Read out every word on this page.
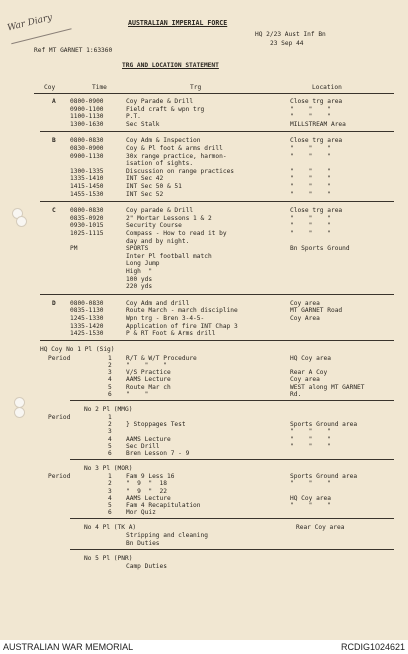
War Diary	AUSTRALIAN IMPERIAL FORCE
HQ 2/23 Aust Inf Bn
23 Sep 44
Ref MT GARNET 1:63360
TRG AND LOCATION STATEMENT
Coy	Time	Trg	Location
A 0800-0900	Coy Parade & Drill	Close trg area
0900-1100	Field craft & wpn trg	"    "    "
1100-1130	P.T.	"    "    "
1300-1630	Sec Stalk	MILLSTREAM Area
B 0800-0830	Coy Adm & Inspection	Close trg area
0830-0900	Coy & Pl foot & arms drill	"    "    "
0900-1130	30x range practice, harmon-	"    "    "
isation of sights.
1300-1335	Discussion on range practices	"    "    "
1335-1410	INT Sec 42	"    "    "
1415-1450	INT Sec 50 & 51	"    "    "
1455-1530	INT Sec 52	"    "    "
C 0800-0830	Coy parade & Drill	Close trg area
0835-0920	2" Mortar Lessons 1 & 2	"    "    "
0930-1015	Security Course	"    "    "
1025-1115	Compass - How to read it by	"    "    "
day and by night.
PM	SPORTS	Bn Sports Ground
Inter Pl football match
Long Jump
High  "
100 yds
220 yds
D 0800-0830	Coy Adm and drill	Coy area
0835-1130	Route March - march discipline	MT GARNET Road
1245-1330	Wpn trg - Bren 3-4-5-	Coy Area
1335-1420	Application of fire INT Chap 3
1425-1530	P & RT Foot & Arms drill
HQ Coy No 1 Pl (Sig)
Period	1 R/T & W/T Procedure	HQ Coy area
2 "    "    "
3 V/S Practice	Rear A Coy
4 AAMS Lecture	Coy area
5 Route Mar ch	WEST along MT GARNET
6 "    "	Rd.
No 2 Pl (MMG)
Period	1
2 } Stoppages Test	Sports Ground area
3	"    "    "
4 AAMS Lecture	"    "    "
5 Sec Drill	"    "    "
6 Bren Lesson 7 - 9
No 3 Pl (MOR)
Period	1 Fam 9 Less 16	Sports Ground area
2 "  9  "  18	"    "    "
3 "  9  "  22
4 AAMS Lecture	HQ Coy area
5 Fam 4 Recapitulation	"    "    "
6 Mor Quiz
No 4 Pl (TK A)
Stripping and cleaning
Rear Coy area
Bn Duties
No 5 Pl (PNR)
Camp Duties
AUSTRALIAN WAR MEMORIAL	RCDIG1024621
